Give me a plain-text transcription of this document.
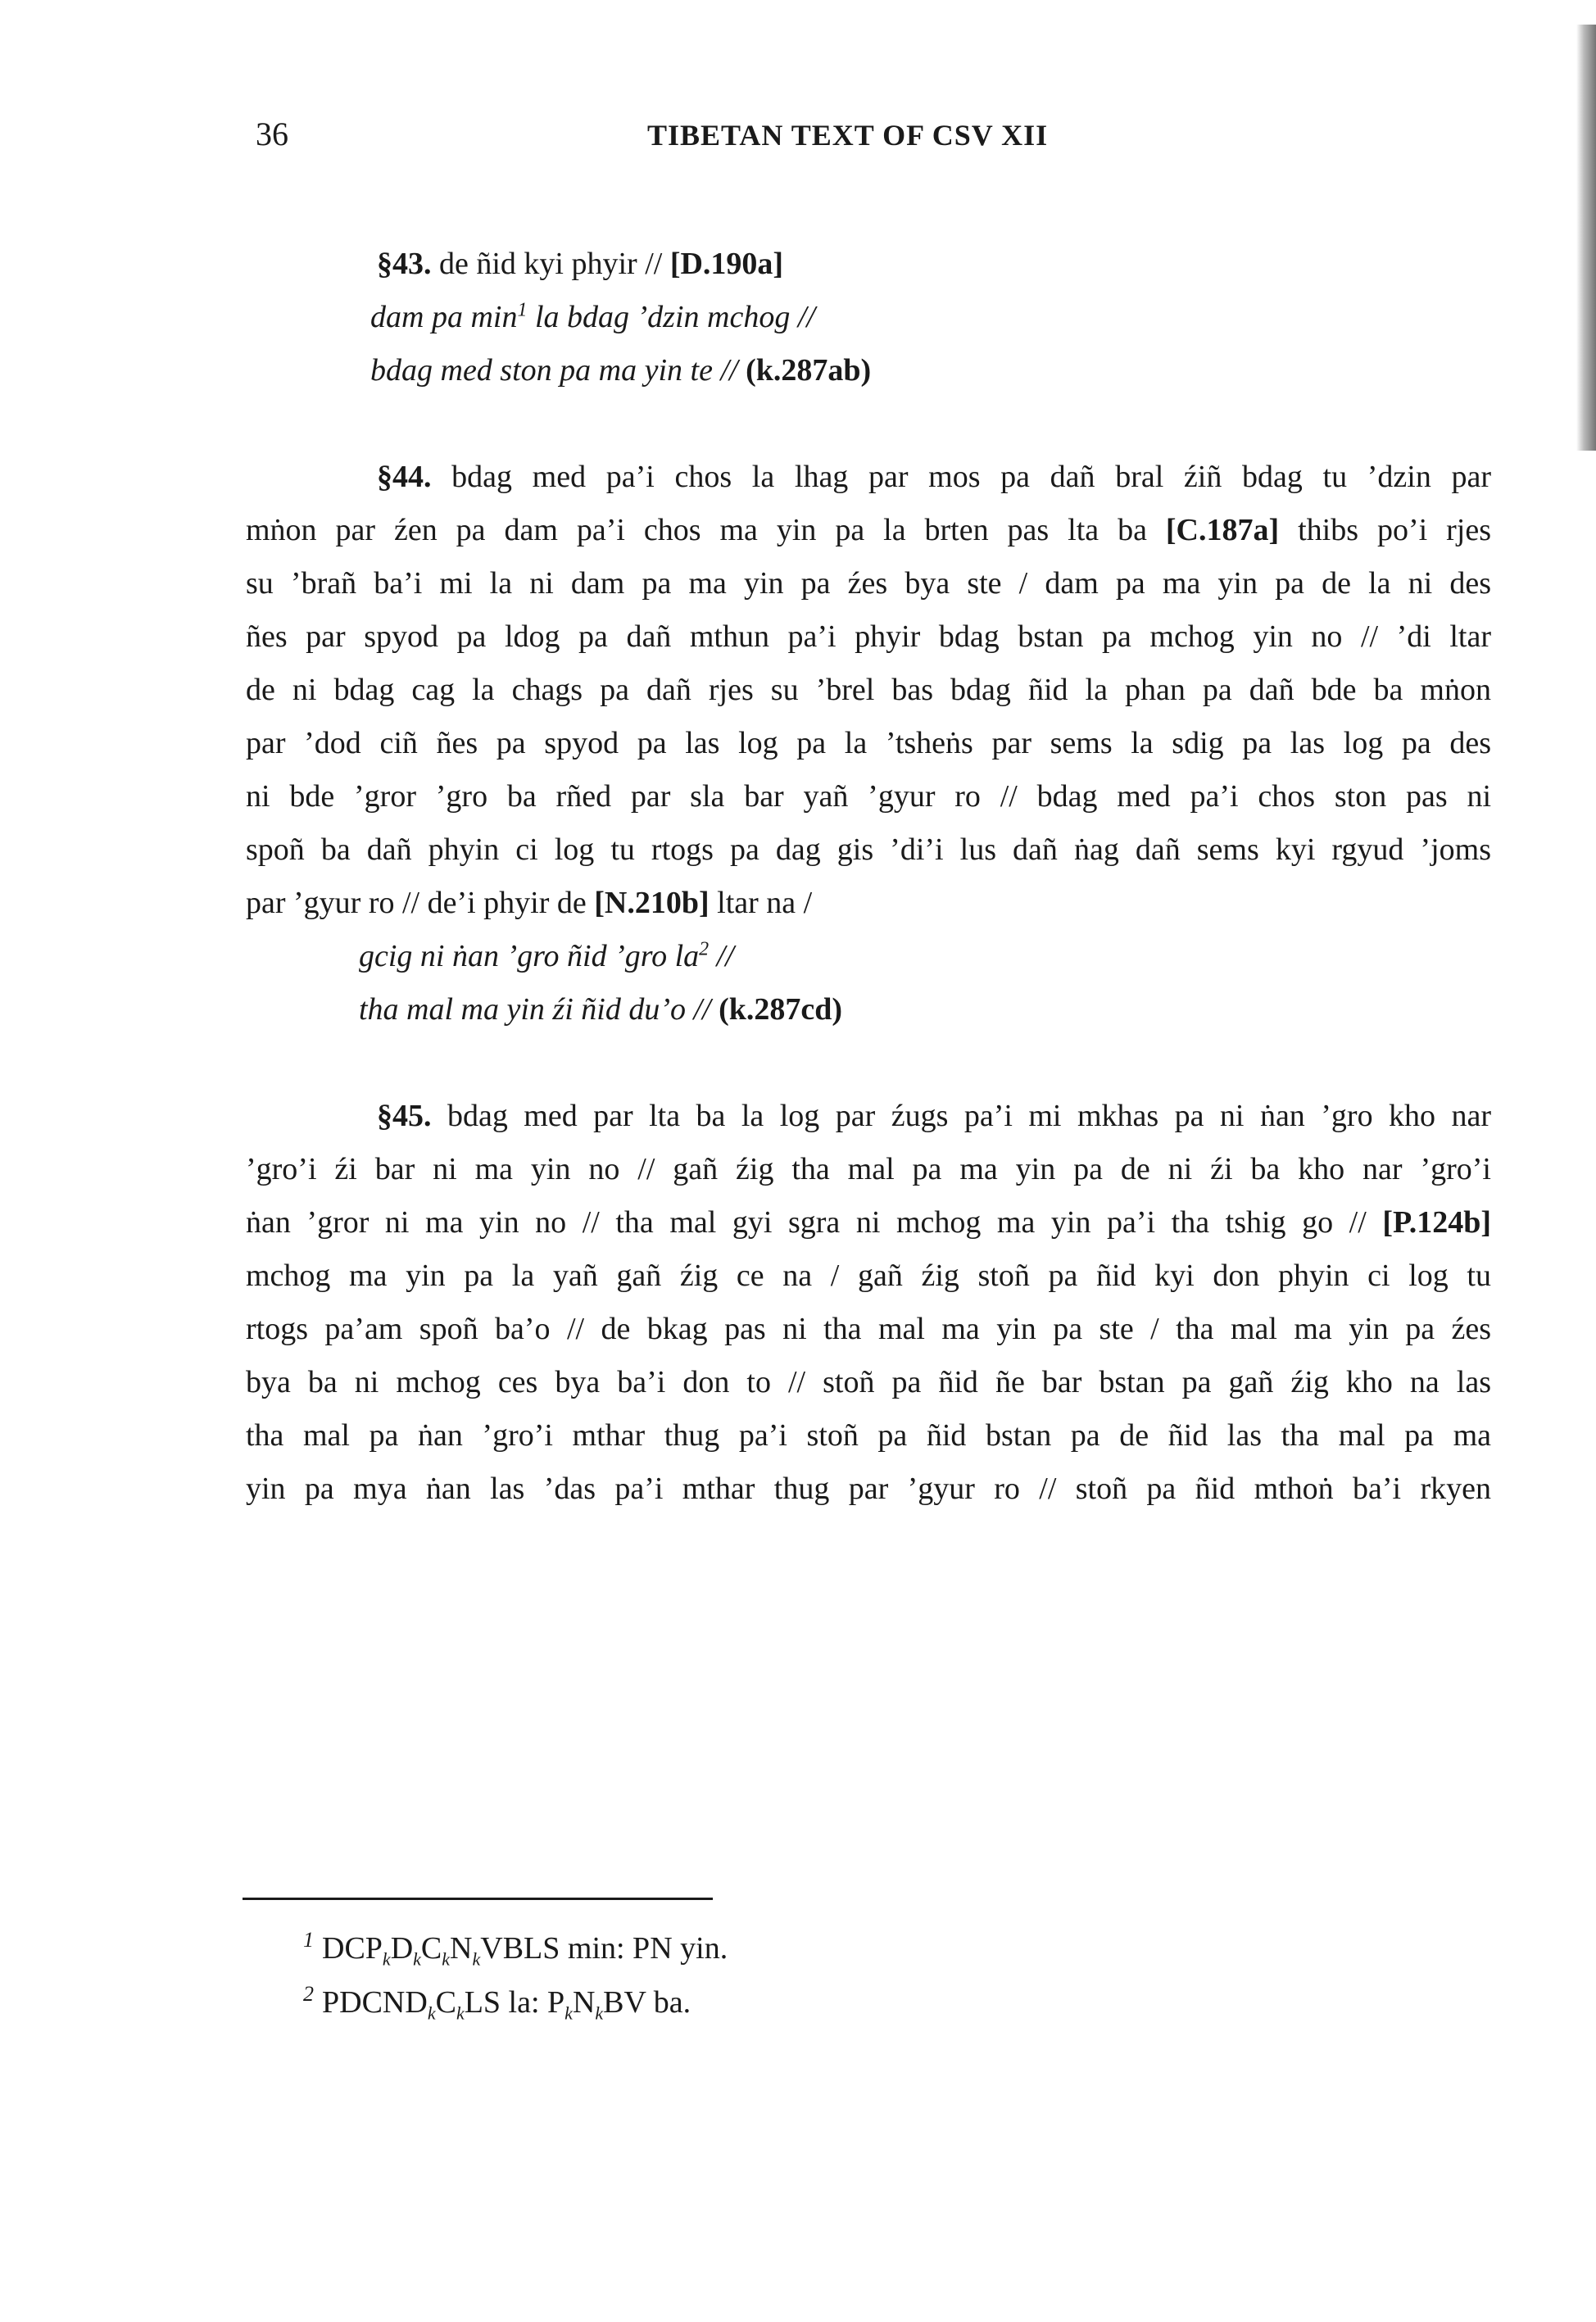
36	TIBETAN TEXT OF CSV XII
§43. de ñid kyi phyir // [D.190a]
dam pa $\min^1$ la bdag ’dzin mchog //
bdag med ston pa ma yin te // (k.287ab)
§44. bdag med pa’i chos la lhag par mos pa dañ bral źiñ bdag tu ’dzin par
mṅon par źen pa dam pa’i chos ma yin pa la brten pas lta ba [C.187a] thibs po’i rjes
su ’brañ ba’i mi la ni dam pa ma yin pa źes bya ste / dam pa ma yin pa de la ni des
ñes par spyod pa ldog pa dañ mthun pa’i phyir bdag bstan pa mchog yin no // ’di ltar
de ni bdag cag la chags pa dañ rjes su ’brel bas bdag ñid la phan pa dañ bde ba mṅon
par ’dod ciñ ñes pa spyod pa las log pa la ’tsheṅs par sems la sdig pa las log pa des
ni bde ’gror ’gro ba rñed par sla bar yañ ’gyur ro // bdag med pa’i chos ston pas ni
spoñ ba dañ phyin ci log tu rtogs pa dag gis ’di’i lus dañ ṅag dañ sems kyi rgyud ’joms
par ’gyur ro // de’i phyir de [N.210b] ltar na /
gcig ni ṅan ’gro ñid ’gro $la^2$ //
tha mal ma yin źi ñid du’o // (k.287cd)
§45. bdag med par lta ba la log par źugs pa’i mi mkhas pa ni ṅan ’gro kho nar
’gro’i źi bar ni ma yin no // gañ źig tha mal pa ma yin pa de ni źi ba kho nar ’gro’i
ṅan ’gror ni ma yin no // tha mal gyi sgra ni mchog ma yin pa’i tha tshig go // [P.124b]
mchog ma yin pa la yañ gañ źig ce na / gañ źig stoñ pa ñid kyi don phyin ci log tu
rtogs pa’am spoñ ba’o // de bkag pas ni tha mal ma yin pa ste / tha mal ma yin pa źes
bya ba ni mchog ces bya ba’i don to // stoñ pa ñid ñe bar bstan pa gañ źig kho na las
tha mal pa ṅan ’gro’i mthar thug pa’i stoñ pa ñid bstan pa de ñid las tha mal pa ma
yin pa mya ṅan las ’das pa’i mthar thug par ’gyur ro // stoñ pa ñid mthoṅ ba’i rkyen
$^1$ $DCP_kD_kC_kN_kVBLS$ min: PN yin.
$^2$ $PDCND_kC_kLS$ la: $P_kN_kBV$ ba.
